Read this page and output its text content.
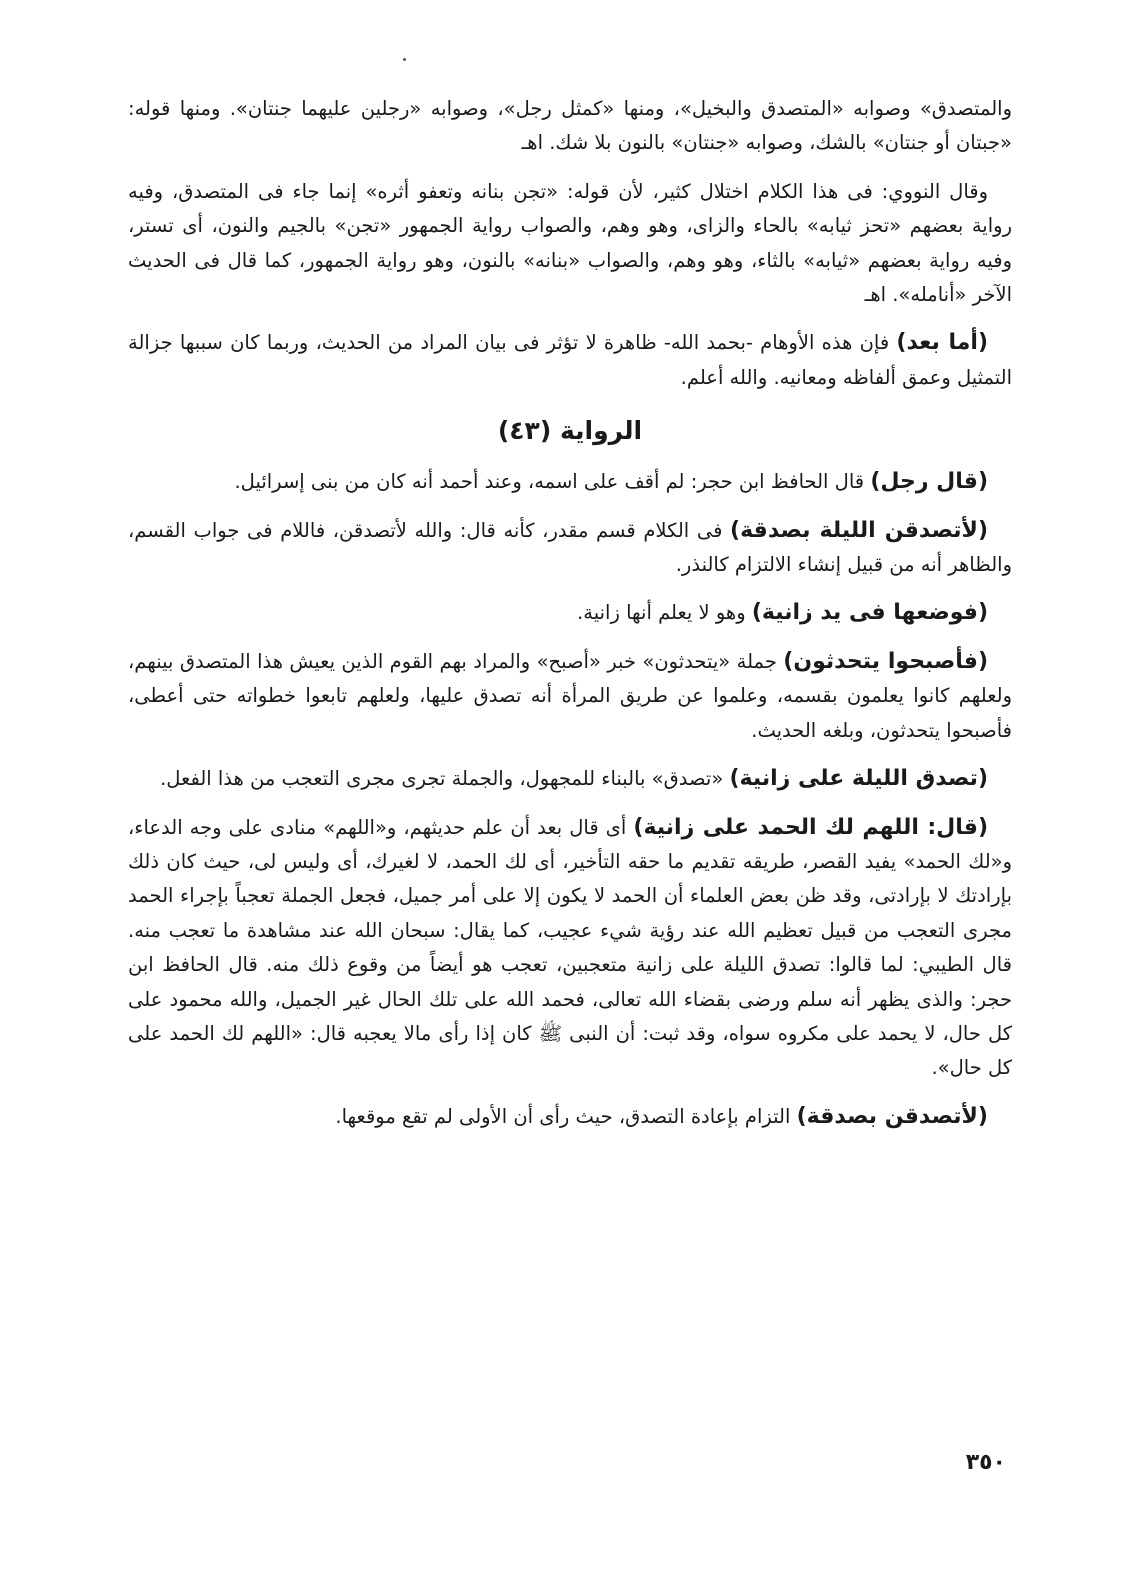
والمتصدق» وصوابه «المتصدق والبخيل»، ومنها «كمثل رجل»، وصوابه «رجلين عليهما جنتان». ومنها قوله: «جبتان أو جنتان» بالشك، وصوابه «جنتان» بالنون بلا شك. اهـ

وقال النووي: فى هذا الكلام اختلال كثير، لأن قوله: «تجن بنانه وتعفو أثره» إنما جاء فى المتصدق، وفيه رواية بعضهم «تحز ثيابه» بالحاء والزاى، وهو وهم، والصواب رواية الجمهور «تجن» بالجيم والنون، أى تستر، وفيه رواية بعضهم «ثيابه» بالثاء، وهو وهم، والصواب «بنانه» بالنون، وهو رواية الجمهور، كما قال فى الحديث الآخر «أنامله». اهـ

(أما بعد) فإن هذه الأوهام -بحمد الله- ظاهرة لا تؤثر فى بيان المراد من الحديث، وربما كان سببها جزالة التمثيل وعمق ألفاظه ومعانيه. والله أعلم.

الرواية (٤٣)

(قال رجل) قال الحافظ ابن حجر: لم أقف على اسمه، وعند أحمد أنه كان من بنى إسرائيل.

(لأتصدقن الليلة بصدقة) فى الكلام قسم مقدر، كأنه قال: والله لأتصدقن، فاللام فى جواب القسم، والظاهر أنه من قبيل إنشاء الالتزام كالنذر.

(فوضعها فى يد زانية) وهو لا يعلم أنها زانية.

(فأصبحوا يتحدثون) جملة «يتحدثون» خبر «أصبح» والمراد بهم القوم الذين يعيش هذا المتصدق بينهم، ولعلهم كانوا يعلمون بقسمه، وعلموا عن طريق المرأة أنه تصدق عليها، ولعلهم تابعوا خطواته حتى أعطى، فأصبحوا يتحدثون، وبلغه الحديث.

(تصدق الليلة على زانية) «تصدق» بالبناء للمجهول، والجملة تجرى مجرى التعجب من هذا الفعل.

(قال: اللهم لك الحمد على زانية) أى قال بعد أن علم حديثهم، و«اللهم» منادى على وجه الدعاء، و«لك الحمد» يفيد القصر، طريقه تقديم ما حقه التأخير، أى لك الحمد، لا لغيرك، أى وليس لى، حيث كان ذلك بإرادتك لا بإرادتى، وقد ظن بعض العلماء أن الحمد لا يكون إلا على أمر جميل، فجعل الجملة تعجباً بإجراء الحمد مجرى التعجب من قبيل تعظيم الله عند رؤية شيء عجيب، كما يقال: سبحان الله عند مشاهدة ما تعجب منه. قال الطيبي: لما قالوا: تصدق الليلة على زانية متعجبين، تعجب هو أيضاً من وقوع ذلك منه. قال الحافظ ابن حجر: والذى يظهر أنه سلم ورضى بقضاء الله تعالى، فحمد الله على تلك الحال غير الجميل، والله محمود على كل حال، لا يحمد على مكروه سواه، وقد ثبت: أن النبى ﷺ كان إذا رأى مالا يعجبه قال: «اللهم لك الحمد على كل حال».

(لأتصدقن بصدقة) التزام بإعادة التصدق، حيث رأى أن الأولى لم تقع موقعها.

٣٥٠
